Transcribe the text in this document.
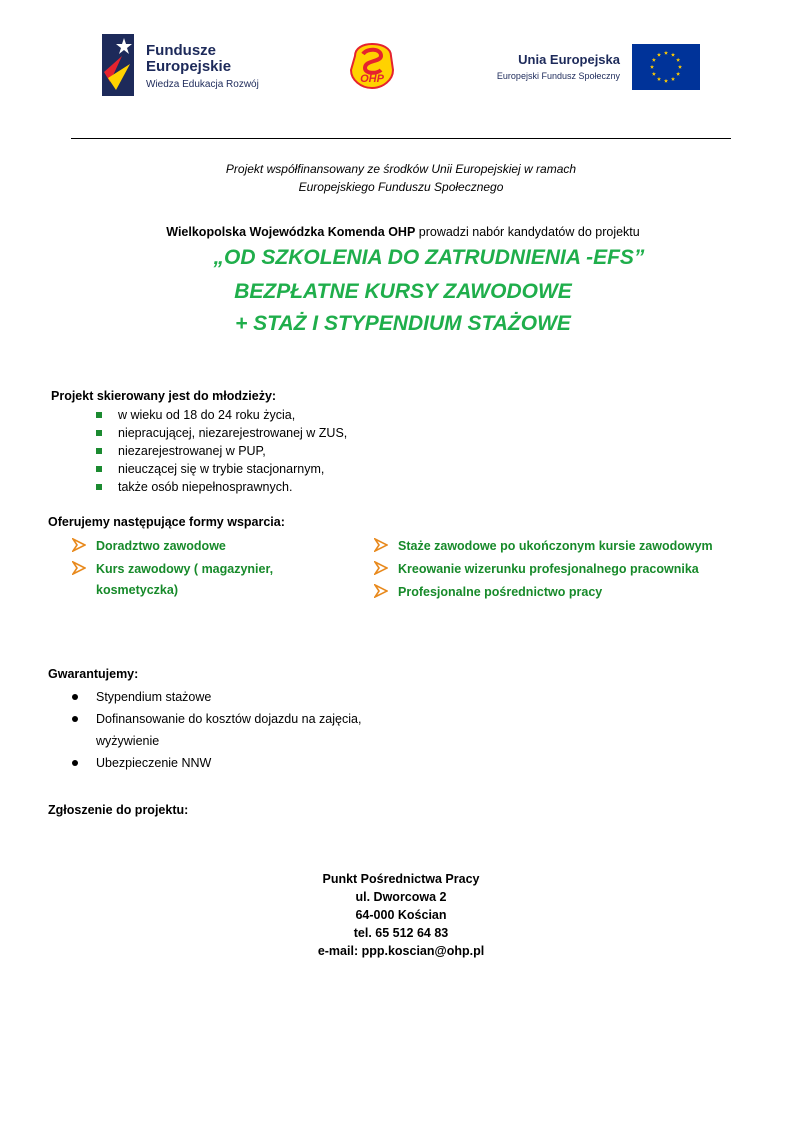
Fundusze
Europejskie
Wiedza Edukacja Rozwój	OHP
Unia Europejska
Europejski Fundusz Społeczny
Projekt współfinansowany ze środków Unii Europejskiej w ramach
Europejskiego Funduszu Społecznego
Wielkopolska Wojewódzka Komenda OHP prowadzi nabór kandydatów do projektu
„OD SZKOLENIA DO ZATRUDNIENIA -EFS”
BEZPŁATNE KURSY ZAWODOWE
+ STAŻ I STYPENDIUM STAŻOWE
Projekt skierowany jest do młodzieży:
w wieku od 18 do 24 roku życia,
niepracującej, niezarejestrowanej w ZUS,
niezarejestrowanej w PUP,
nieuczącej się w trybie stacjonarnym,
także osób niepełnosprawnych.
Oferujemy następujące formy wsparcia:
Doradztwo zawodowe
Kurs zawodowy ( magazynier, kosmetyczka)
Staże zawodowe po ukończonym kursie zawodowym
Kreowanie wizerunku profesjonalnego pracownika
Profesjonalne pośrednictwo pracy
Gwarantujemy:
Stypendium stażowe
Dofinansowanie do kosztów dojazdu na zajęcia, wyżywienie
Ubezpieczenie NNW
Zgłoszenie do projektu:
Punkt Pośrednictwa Pracy
ul. Dworcowa 2
64-000 Kościan
tel. 65 512 64 83
e-mail: ppp.koscian@ohp.pl
